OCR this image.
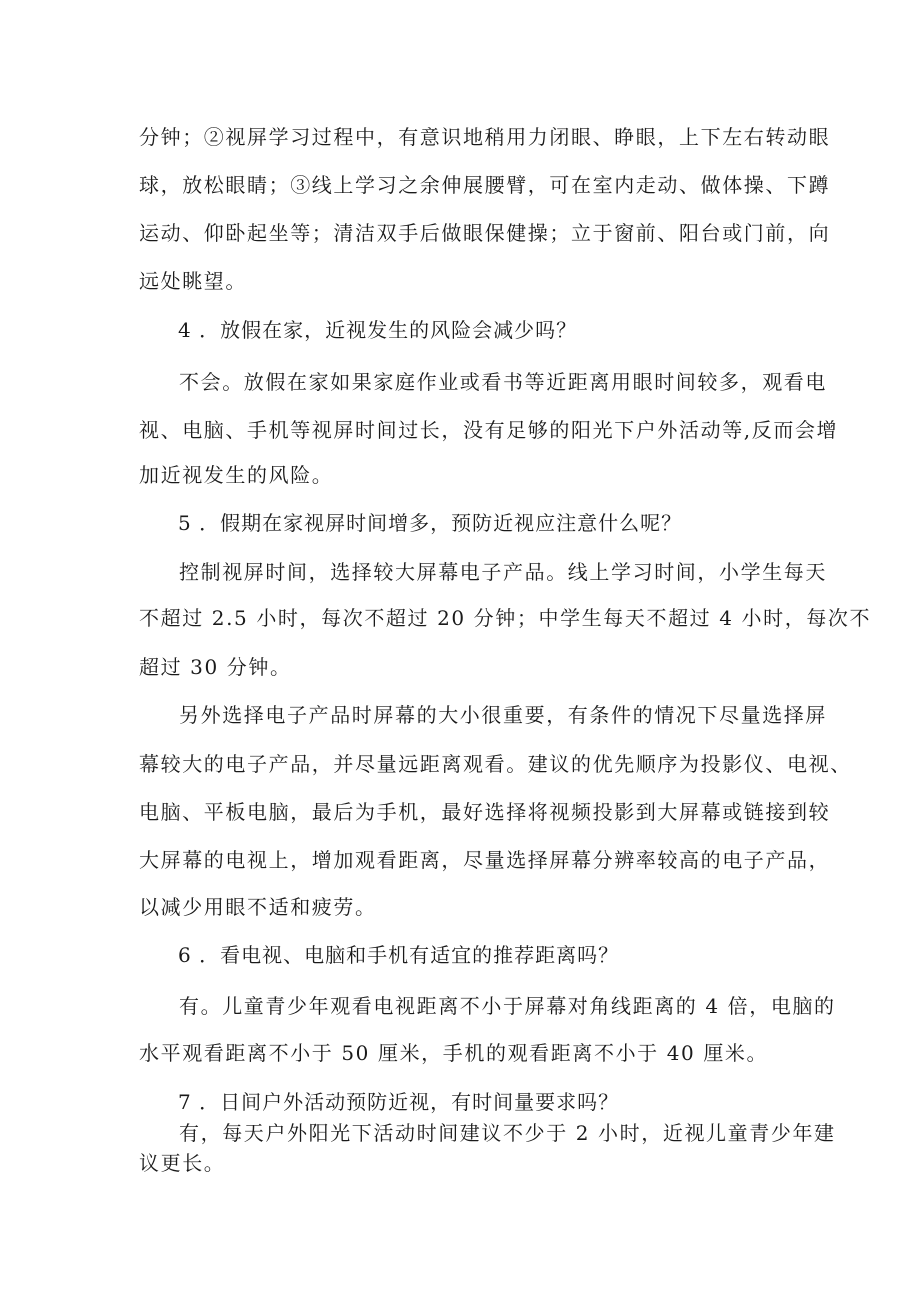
分钟；②视屏学习过程中，有意识地稍用力闭眼、睁眼，上下左右转动眼
球，放松眼睛；③线上学习之余伸展腰臂，可在室内走动、做体操、下蹲
运动、仰卧起坐等；清洁双手后做眼保健操；立于窗前、阳台或门前，向
远处眺望。
4 ．放假在家，近视发生的风险会减少吗？
不会。放假在家如果家庭作业或看书等近距离用眼时间较多，观看电
视、电脑、手机等视屏时间过长，没有足够的阳光下户外活动等,反而会增
加近视发生的风险。
5 ．假期在家视屏时间增多，预防近视应注意什么呢？
控制视屏时间，选择较大屏幕电子产品。线上学习时间，小学生每天
不超过 2.5 小时，每次不超过 20 分钟；中学生每天不超过 4 小时，每次不
超过 30 分钟。
另外选择电子产品时屏幕的大小很重要，有条件的情况下尽量选择屏
幕较大的电子产品，并尽量远距离观看。建议的优先顺序为投影仪、电视、
电脑、平板电脑，最后为手机，最好选择将视频投影到大屏幕或链接到较
大屏幕的电视上，增加观看距离，尽量选择屏幕分辨率较高的电子产品，
以减少用眼不适和疲劳。
6 ．看电视、电脑和手机有适宜的推荐距离吗？
有。儿童青少年观看电视距离不小于屏幕对角线距离的 4 倍，电脑的
水平观看距离不小于 50 厘米，手机的观看距离不小于 40 厘米。
7 ．日间户外活动预防近视，有时间量要求吗？
有，每天户外阳光下活动时间建议不少于 2 小时，近视儿童青少年建
议更长。
